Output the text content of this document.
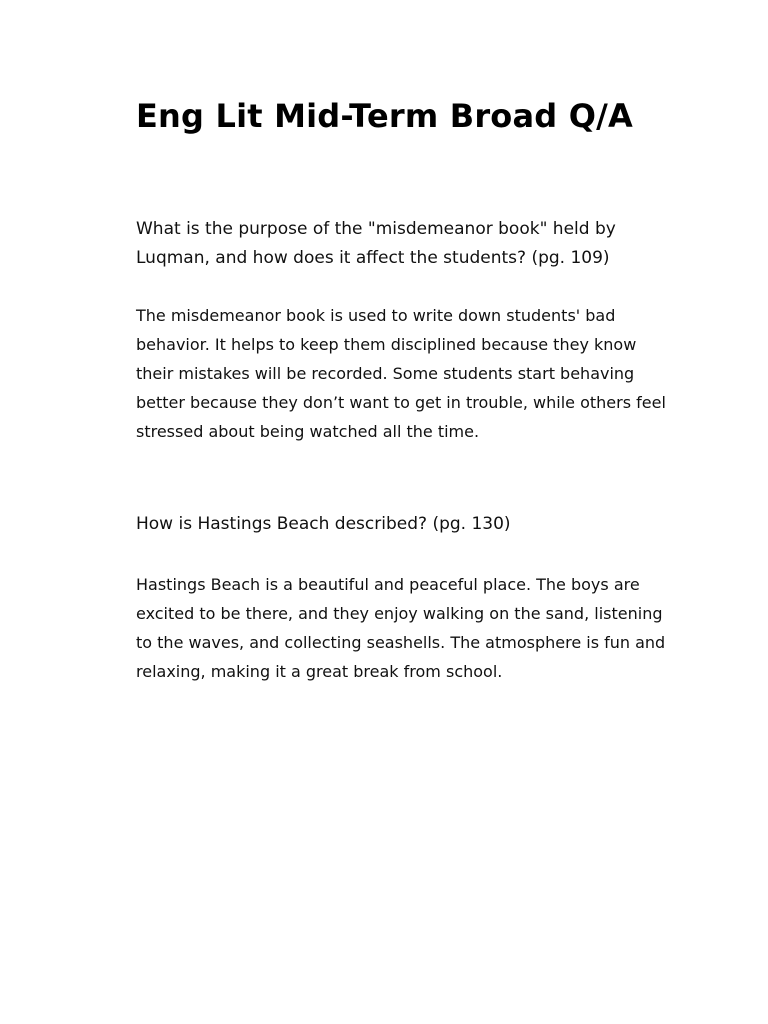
Eng Lit Mid-Term Broad Q/A

What is the purpose of the "misdemeanor book" held by Luqman, and how does it affect the students? (pg. 109)

The misdemeanor book is used to write down students' bad behavior. It helps to keep them disciplined because they know their mistakes will be recorded. Some students start behaving better because they don’t want to get in trouble, while others feel stressed about being watched all the time.

How is Hastings Beach described? (pg. 130)

Hastings Beach is a beautiful and peaceful place. The boys are excited to be there, and they enjoy walking on the sand, listening to the waves, and collecting seashells. The atmosphere is fun and relaxing, making it a great break from school.
